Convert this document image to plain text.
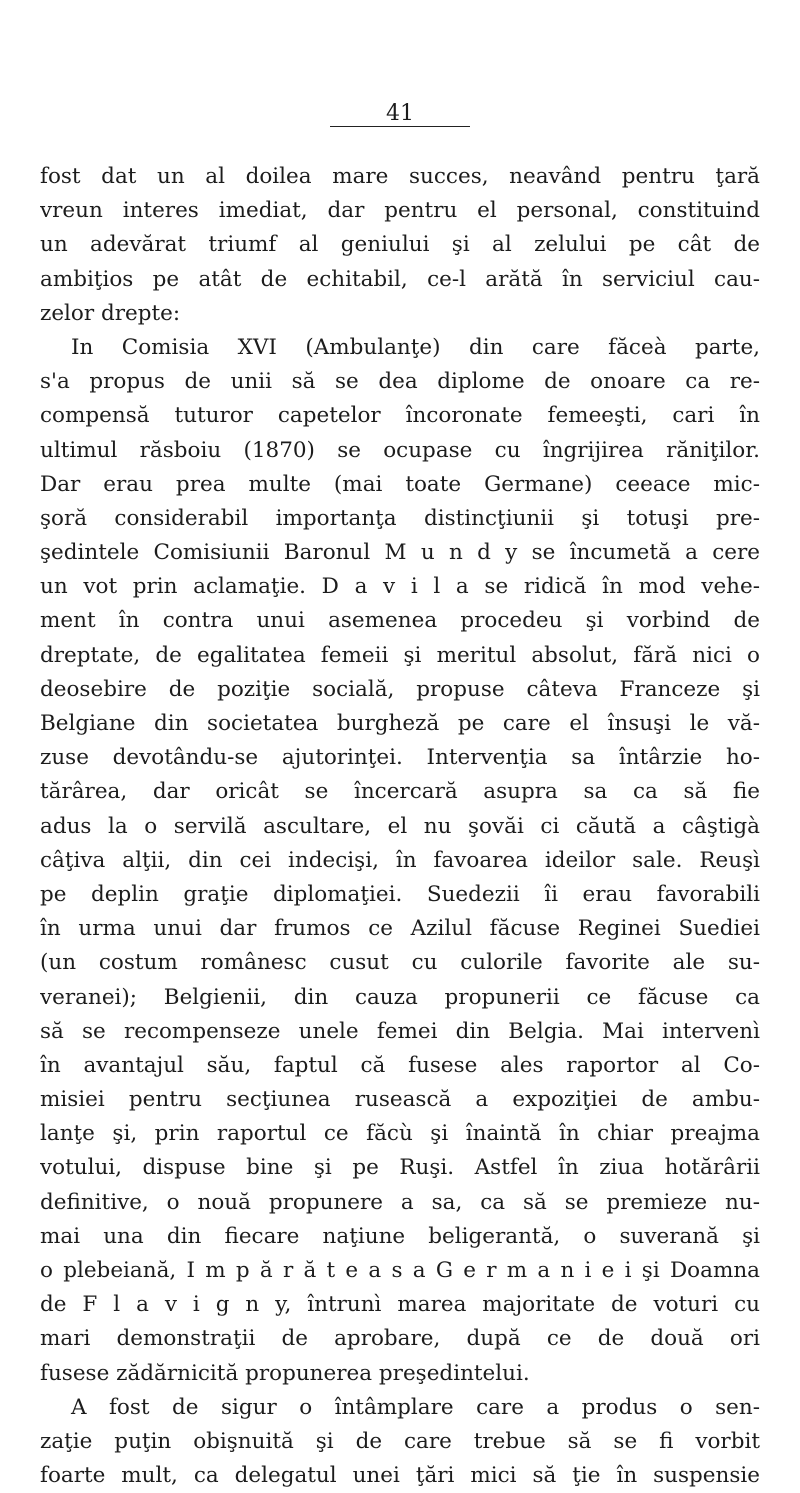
41
fost dat un al doilea mare succes, neavând pentru ţară
vreun interes imediat, dar pentru el personal, constituind
un adevărat triumf al geniului şi al zelului pe cât de
ambiţios pe atât de echitabil, ce-l arătă în serviciul cau-
zelor drepte:
In Comisia XVI (Ambulanţe) din care făceà parte,
s'a propus de unii să se dea diplome de onoare ca re-
compensă tuturor capetelor încoronate femeeşti, cari în
ultimul răsboiu (1870) se ocupase cu îngrijirea răniţilor.
Dar erau prea multe (mai toate Germane) ceeace mic-
şoră considerabil importanţa distincţiunii şi totuşi pre-
şedintele Comisiunii Baronul M u n d y se încumetă a cere
un vot prin aclamaţie. D a v i l a se ridică în mod vehe-
ment în contra unui asemenea procedeu şi vorbind de
dreptate, de egalitatea femeii şi meritul absolut, fără nici o
deosebire de poziţie socială, propuse câteva Franceze şi
Belgiane din societatea burgheză pe care el însuşi le vă-
zuse devotându-se ajutorinţei. Intervenţia sa întârzie ho-
tărârea, dar oricât se încercară asupra sa ca să fie
adus la o servilă ascultare, el nu şovăi ci căută a câştigà
câţiva alţii, din cei indecişi, în favoarea ideilor sale. Reuşì
pe deplin graţie diplomaţiei. Suedezii îi erau favorabili
în urma unui dar frumos ce Azilul făcuse Reginei Suediei
(un costum românesc cusut cu culorile favorite ale su-
veranei); Belgienii, din cauza propunerii ce făcuse ca
să se recompenseze unele femei din Belgia. Mai intervenì
în avantajul său, faptul că fusese ales raportor al Co-
misiei pentru secţiunea rusească a expoziţiei de ambu-
lanţe şi, prin raportul ce făcù şi înaintă în chiar preajma
votului, dispuse bine şi pe Ruşi. Astfel în ziua hotărârii
definitive, o nouă propunere a sa, ca să se premieze nu-
mai una din fiecare naţiune beligerantă, o suverană şi
o plebeiană, I m p ă r ă t e a s a G e r m a n i e i şi Doamna
de F l a v i g n y, întrunì marea majoritate de voturi cu
mari demonstraţii de aprobare, după ce de două ori
fusese zădărnicită propunerea preşedintelui.
A fost de sigur o întâmplare care a produs o sen-
zaţie puţin obişnuită şi de care trebue să se fi vorbit
foarte mult, ca delegatul unei ţări mici să ţie în suspensie
